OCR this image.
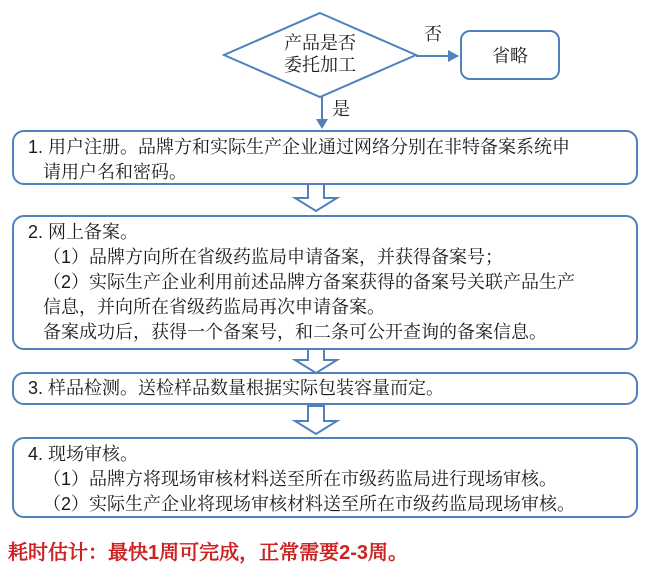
产品是否
委托加工
否
是
省略
1. 用户注册。品牌方和实际生产企业通过网络分别在非特备案系统申
请用户名和密码。
2. 网上备案。
（1）品牌方向所在省级药监局申请备案，并获得备案号；
（2）实际生产企业利用前述品牌方备案获得的备案号关联产品生产
信息，并向所在省级药监局再次申请备案。
备案成功后，获得一个备案号，和二条可公开查询的备案信息。
3. 样品检测。送检样品数量根据实际包装容量而定。
4. 现场审核。
（1）品牌方将现场审核材料送至所在市级药监局进行现场审核。
（2）实际生产企业将现场审核材料送至所在市级药监局现场审核。
耗时估计：最快1周可完成，正常需要2-3周。
